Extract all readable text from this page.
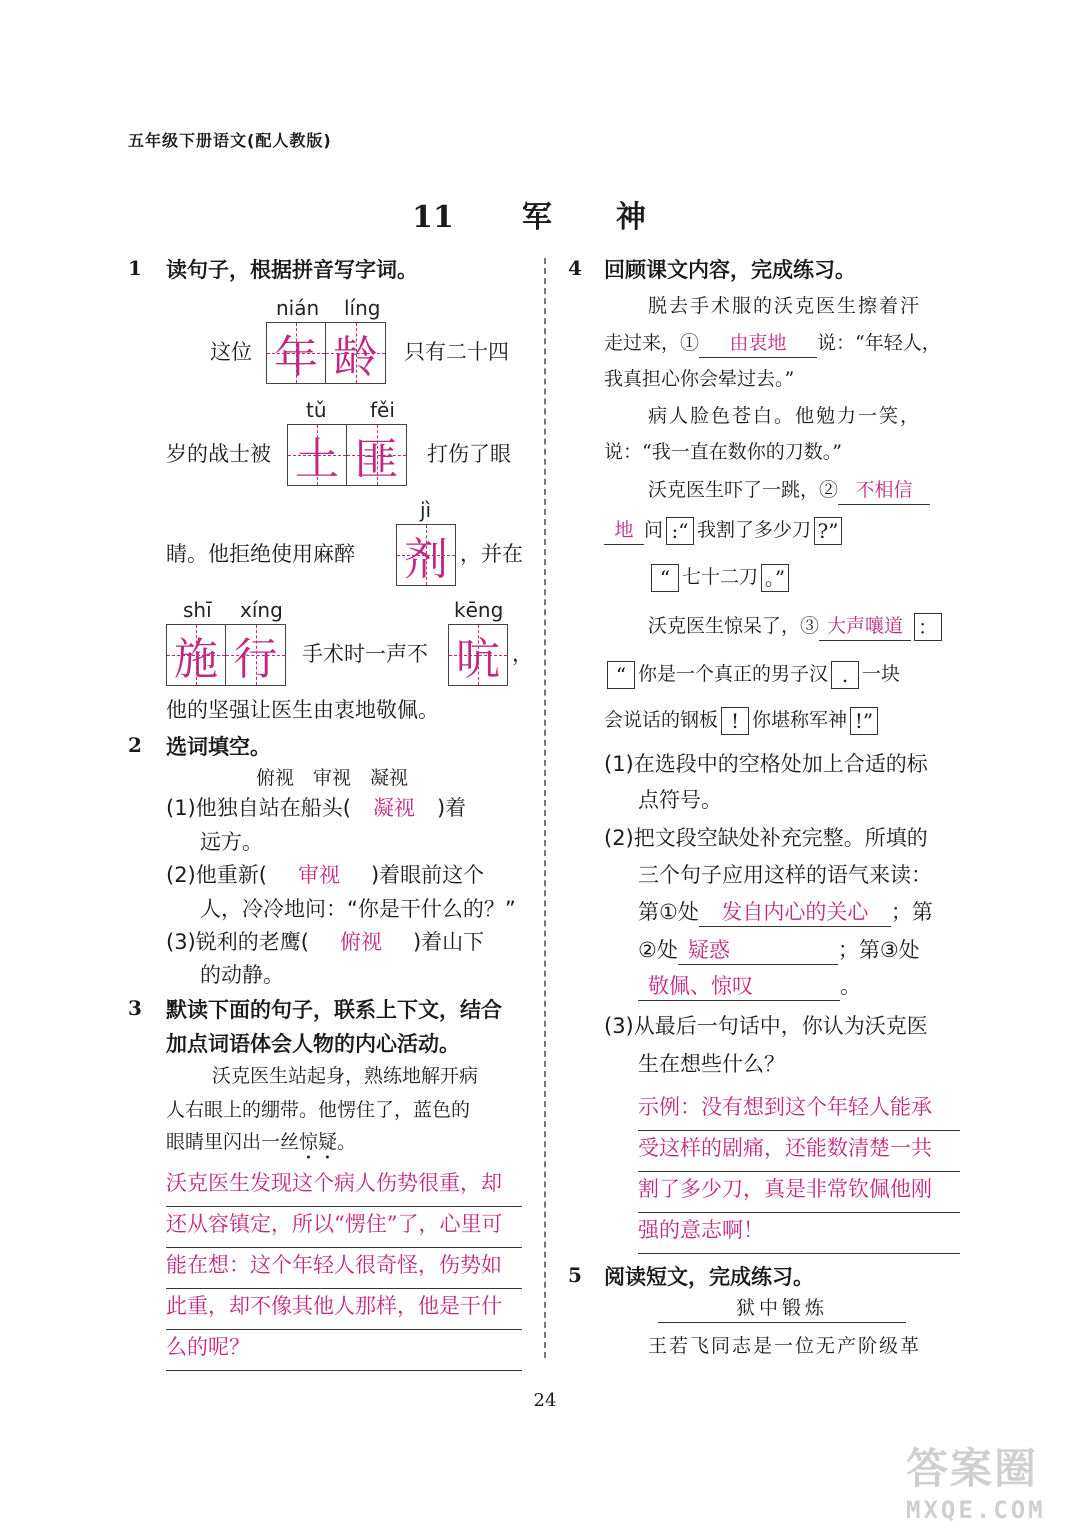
五年级下册语文(配人教版)
11 军 神
1 读句子，根据拼音写字词。
nián líng
这位 年 龄 只有二十四
tǔ fěi
岁的战士被 土 匪 打伤了眼
jì
睛。他拒绝使用麻醉 剂 ，并在
shī xíng	kēng
施 行 手术时一声不 吭 ，
他的坚强让医生由衷地敬佩。
2 选词填空。
俯视　审视　凝视
(1)他独自站在船头( 凝视 )着
远方。
(2)他重新( 审视 )着眼前这个
人，冷冷地问：“你是干什么的？”
(3)锐利的老鹰( 俯视 )着山下
的动静。
3 默读下面的句子，联系上下文，结合
加点词语体会人物的内心活动。
沃克医生站起身，熟练地解开病
人右眼上的绷带。他愣住了，蓝色的
眼睛里闪出一丝惊疑。
沃克医生发现这个病人伤势很重，却
还从容镇定，所以“愣住”了，心里可
能在想：这个年轻人很奇怪，伤势如
此重，却不像其他人那样，他是干什
么的呢？
4 回顾课文内容，完成练习。
脱去手术服的沃克医生擦着汗
走过来，① 由衷地 说：“年轻人，
我真担心你会晕过去。”
病人脸色苍白。他勉力一笑，
说：“我一直在数你的刀数。”
沃克医生吓了一跳，② 不相信
地 问 :“ 我割了多少刀 ?”
“ 七十二刀 。”
沃克医生惊呆了，③ 大声嚷道 ：
“ 你是一个真正的男子汉 . 一块
会说话的钢板 ! 你堪称军神 !”
(1)在选段中的空格处加上合适的标
点符号。
(2)把文段空缺处补充完整。所填的
三个句子应用这样的语气来读：
第①处 发自内心的关心 ；第
②处 疑惑	；第③处
敬佩、惊叹	。
(3)从最后一句话中，你认为沃克医
生在想些什么？
示例：没有想到这个年轻人能承
受这样的剧痛，还能数清楚一共
割了多少刀，真是非常钦佩他刚
强的意志啊！
5 阅读短文，完成练习。
狱中锻炼
王若飞同志是一位无产阶级革
24
答案圈
MXQE.COM
